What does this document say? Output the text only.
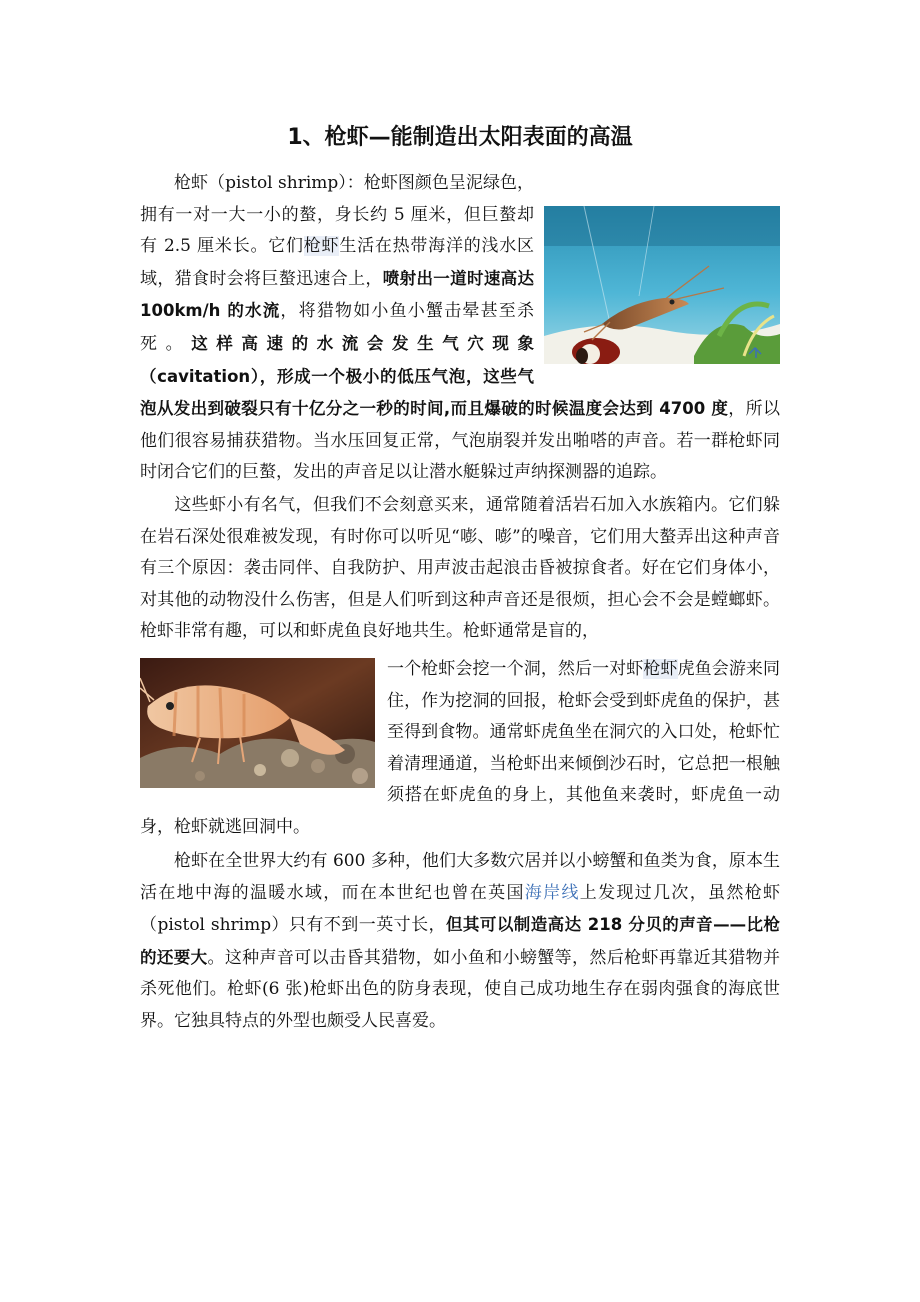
1、枪虾—能制造出太阳表面的高温
枪虾（pistol shrimp）：枪虾图颜色呈泥绿色，拥有一对一大一小的螯，身长约 5 厘米，但巨螯却有 2.5 厘米长。它们枪虾生活在热带海洋的浅水区域，猎食时会将巨螯迅速合上，喷射出一道时速高达 100km/h 的水流，将猎物如小鱼小蟹击晕甚至杀死。这样高速的水流会发生气穴现象（cavitation），形成一个极小的低压气泡，这些气泡从发出到破裂只有十亿分之一秒的时间,而且爆破的时候温度会达到 4700 度，所以他们很容易捕获猎物。当水压回复正常，气泡崩裂并发出啪嗒的声音。若一群枪虾同时闭合它们的巨螯，发出的声音足以让潜水艇躲过声纳探测器的追踪。
这些虾小有名气，但我们不会刻意买来，通常随着活岩石加入水族箱内。它们躲在岩石深处很难被发现，有时你可以听见“嘭、嘭”的噪音，它们用大螯弄出这种声音有三个原因：袭击同伴、自我防护、用声波击起浪击昏被掠食者。好在它们身体小，对其他的动物没什么伤害，但是人们听到这种声音还是很烦，担心会不会是螳螂虾。枪虾非常有趣，可以和虾虎鱼良好地共生。枪虾通常是盲的，
一个枪虾会挖一个洞，然后一对虾枪虾虎鱼会游来同住，作为挖洞的回报，枪虾会受到虾虎鱼的保护，甚至得到食物。通常虾虎鱼坐在洞穴的入口处，枪虾忙着清理通道，当枪虾出来倾倒沙石时，它总把一根触须搭在虾虎鱼的身上，其他鱼来袭时，虾虎鱼一动身，枪虾就逃回洞中。
枪虾在全世界大约有 600 多种，他们大多数穴居并以小螃蟹和鱼类为食，原本生活在地中海的温暖水域，而在本世纪也曾在英国海岸线上发现过几次，虽然枪虾（pistol shrimp）只有不到一英寸长，但其可以制造高达 218 分贝的声音——比枪的还要大。这种声音可以击昏其猎物，如小鱼和小螃蟹等，然后枪虾再靠近其猎物并杀死他们。枪虾(6 张)枪虾出色的防身表现，使自己成功地生存在弱肉强食的海底世界。它独具特点的外型也颇受人民喜爱。
